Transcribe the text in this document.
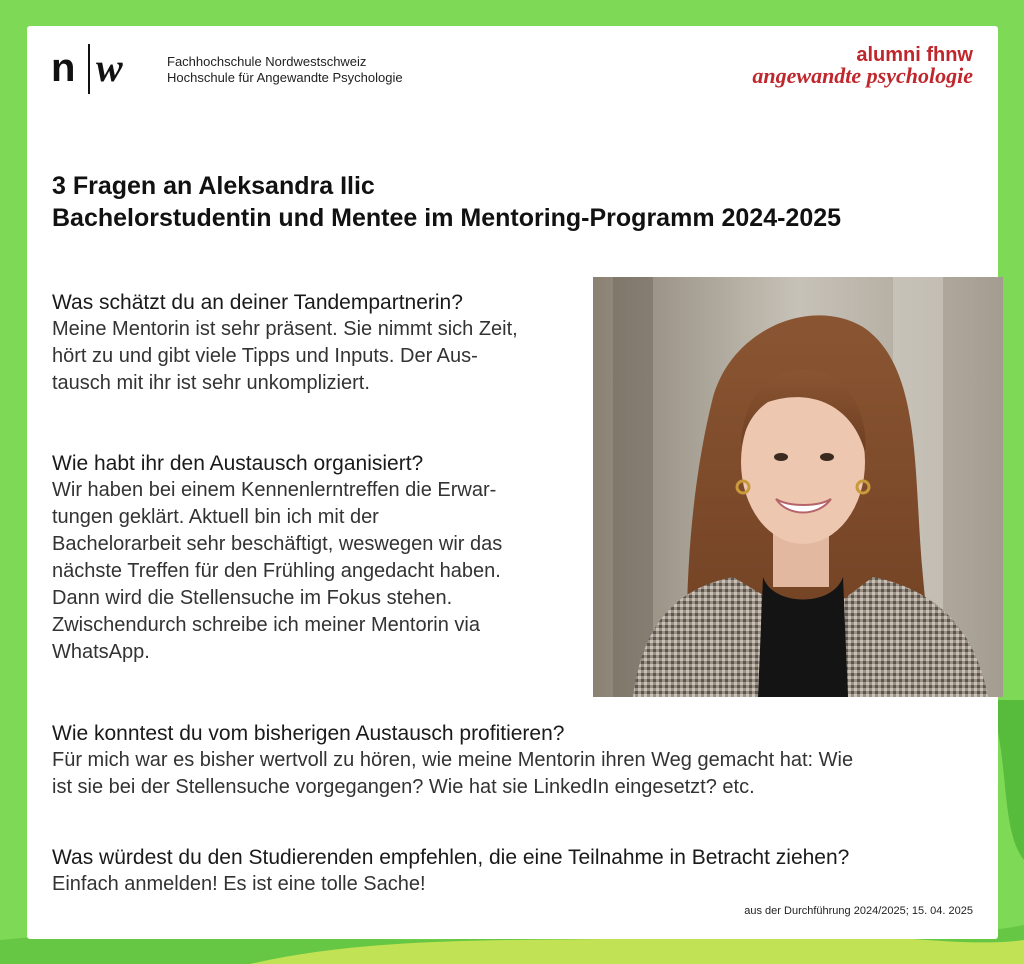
n w	Fachhochschule Nordwestschweiz
Hochschule für Angewandte Psychologie
alumni fhnw
angewandte psychologie
3 Fragen an Aleksandra Ilic
Bachelorstudentin und Mentee im Mentoring-Programm 2024-2025
Was schätzt du an deiner Tandempartnerin?
Meine Mentorin ist sehr präsent. Sie nimmt sich Zeit,
hört zu und gibt viele Tipps und Inputs. Der Aus-
tausch mit ihr ist sehr unkompliziert.
Wie habt ihr den Austausch organisiert?
Wir haben bei einem Kennenlerntreffen die Erwar-
tungen geklärt. Aktuell bin ich mit der
Bachelorarbeit sehr beschäftigt, weswegen wir das
nächste Treffen für den Frühling angedacht haben.
Dann wird die Stellensuche im Fokus stehen.
Zwischendurch schreibe ich meiner Mentorin via
WhatsApp.
Wie konntest du vom bisherigen Austausch profitieren?
Für mich war es bisher wertvoll zu hören, wie meine Mentorin ihren Weg gemacht hat: Wie
ist sie bei der Stellensuche vorgegangen? Wie hat sie LinkedIn eingesetzt? etc.
Was würdest du den Studierenden empfehlen, die eine Teilnahme in Betracht ziehen?
Einfach anmelden! Es ist eine tolle Sache!
aus der Durchführung 2024/2025; 15. 04. 2025
